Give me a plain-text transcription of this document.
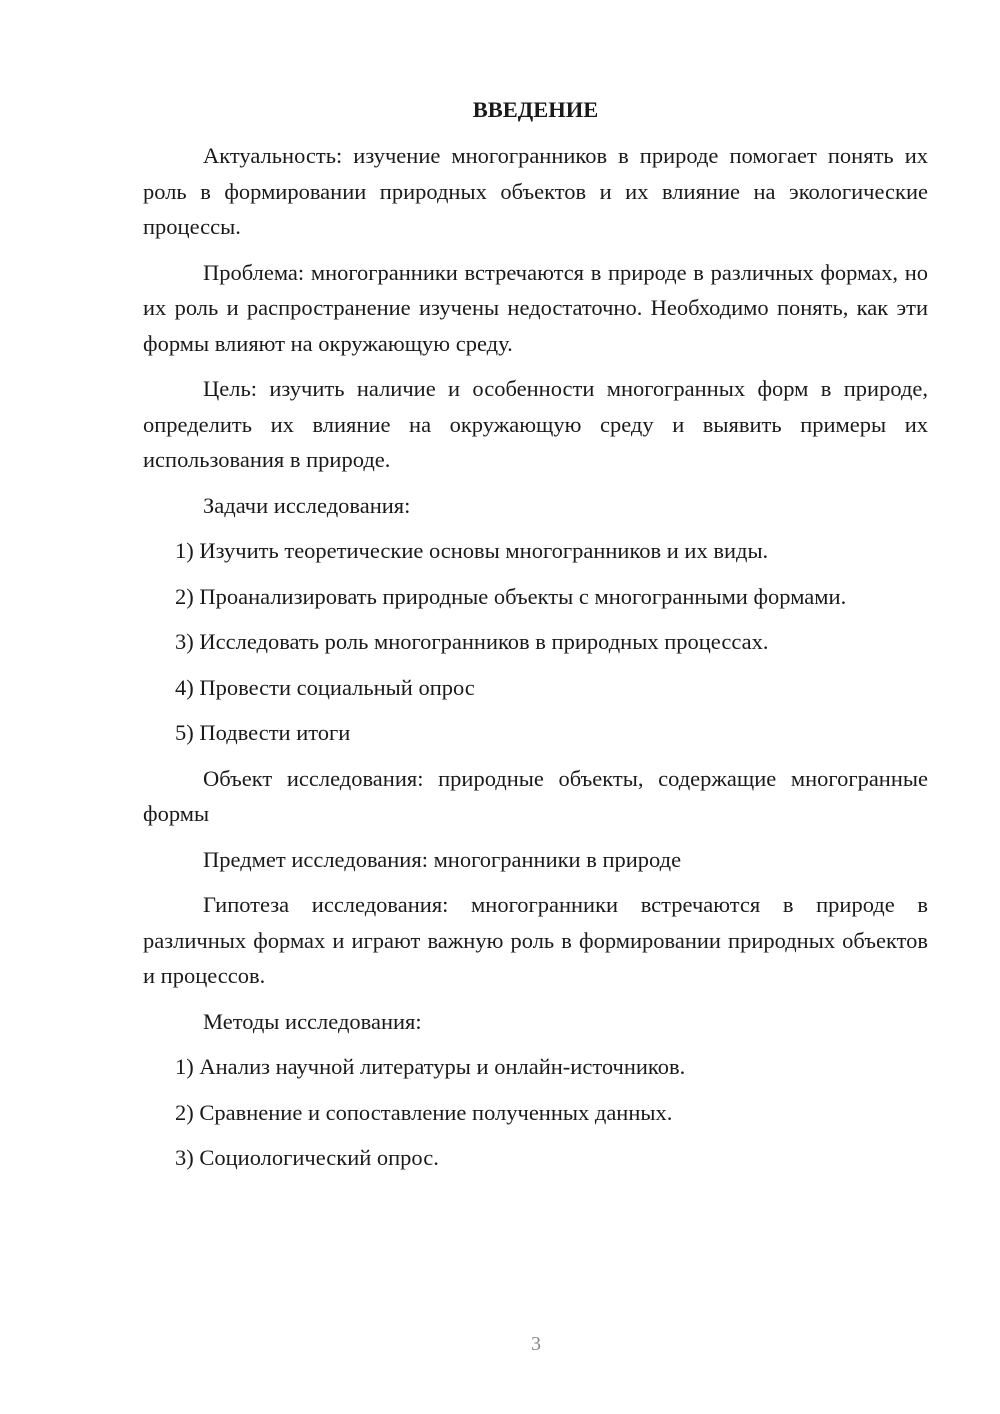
ВВЕДЕНИЕ
Актуальность: изучение многогранников в природе помогает понять их роль в формировании природных объектов и их влияние на экологические процессы.
Проблема: многогранники встречаются в природе в различных формах, но их роль и распространение изучены недостаточно. Необходимо понять, как эти формы влияют на окружающую среду.
Цель: изучить наличие и особенности многогранных форм в природе, определить их влияние на окружающую среду и выявить примеры их использования в природе.
Задачи исследования:
1) Изучить теоретические основы многогранников и их виды.
2) Проанализировать природные объекты с многогранными формами.
3) Исследовать роль многогранников в природных процессах.
4) Провести социальный опрос
5) Подвести итоги
Объект исследования: природные объекты, содержащие многогранные формы
Предмет исследования: многогранники в природе
Гипотеза исследования: многогранники встречаются в природе в различных формах и играют важную роль в формировании природных объектов и процессов.
Методы исследования:
1) Анализ научной литературы и онлайн-источников.
2) Сравнение и сопоставление полученных данных.
3) Социологический опрос.
3
